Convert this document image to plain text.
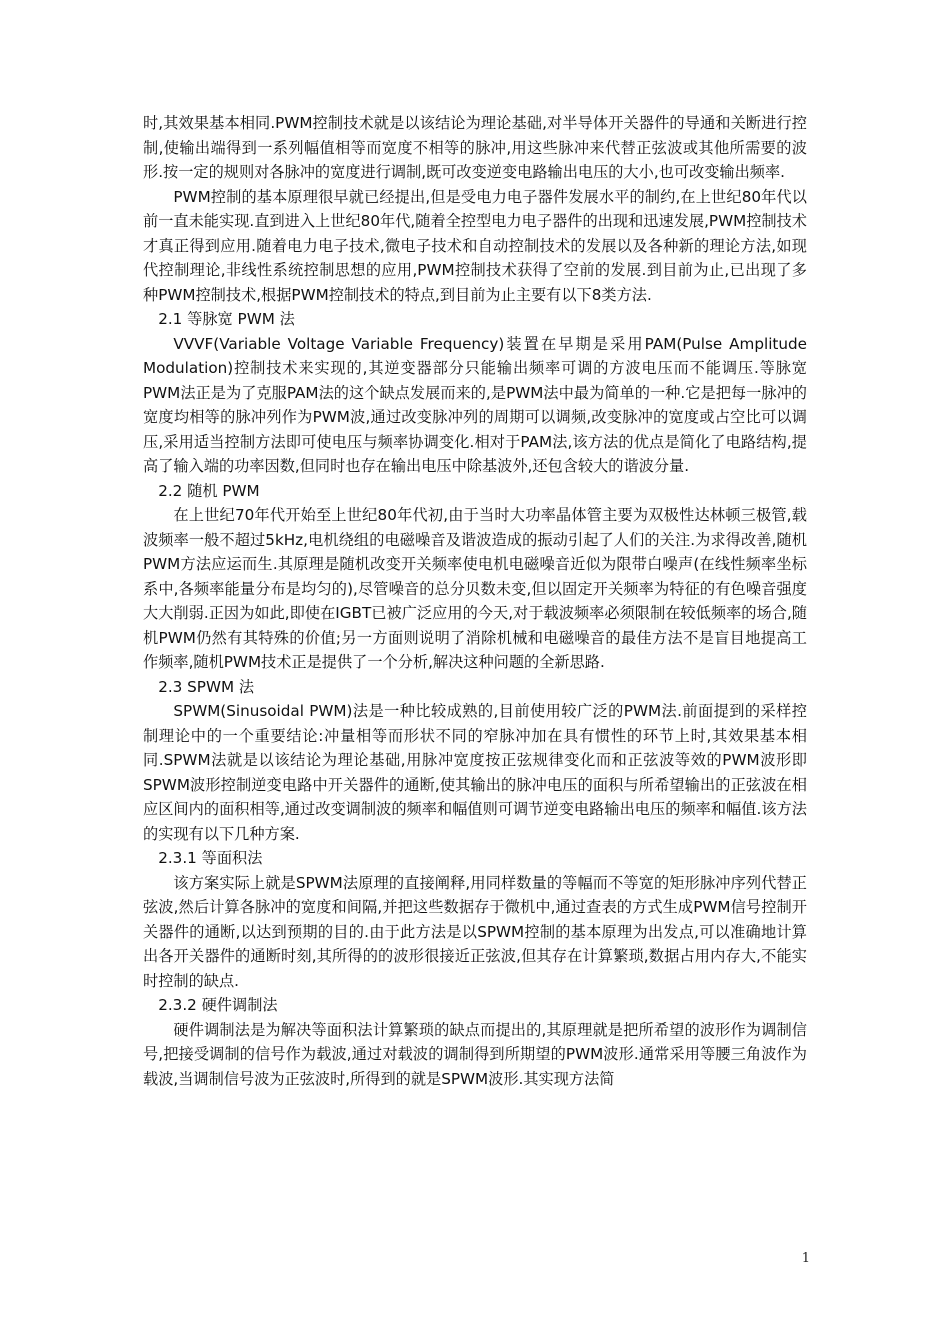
时,其效果基本相同.PWM控制技术就是以该结论为理论基础,对半导体开关器件的导通和关断进行控制,使输出端得到一系列幅值相等而宽度不相等的脉冲,用这些脉冲来代替正弦波或其他所需要的波形.按一定的规则对各脉冲的宽度进行调制,既可改变逆变电路输出电压的大小,也可改变输出频率.

PWM控制的基本原理很早就已经提出,但是受电力电子器件发展水平的制约,在上世纪80年代以前一直未能实现.直到进入上世纪80年代,随着全控型电力电子器件的出现和迅速发展,PWM控制技术才真正得到应用.随着电力电子技术,微电子技术和自动控制技术的发展以及各种新的理论方法,如现代控制理论,非线性系统控制思想的应用,PWM控制技术获得了空前的发展.到目前为止,已出现了多种PWM控制技术,根据PWM控制技术的特点,到目前为止主要有以下8类方法.

2.1 等脉宽 PWM 法

VVVF(Variable Voltage Variable Frequency)装置在早期是采用PAM(Pulse Amplitude Modulation)控制技术来实现的,其逆变器部分只能输出频率可调的方波电压而不能调压.等脉宽PWM法正是为了克服PAM法的这个缺点发展而来的,是PWM法中最为简单的一种.它是把每一脉冲的宽度均相等的脉冲列作为PWM波,通过改变脉冲列的周期可以调频,改变脉冲的宽度或占空比可以调压,采用适当控制方法即可使电压与频率协调变化.相对于PAM法,该方法的优点是简化了电路结构,提高了输入端的功率因数,但同时也存在输出电压中除基波外,还包含较大的谐波分量.

2.2 随机 PWM

在上世纪70年代开始至上世纪80年代初,由于当时大功率晶体管主要为双极性达林顿三极管,载波频率一般不超过5kHz,电机绕组的电磁噪音及谐波造成的振动引起了人们的关注.为求得改善,随机PWM方法应运而生.其原理是随机改变开关频率使电机电磁噪音近似为限带白噪声(在线性频率坐标系中,各频率能量分布是均匀的),尽管噪音的总分贝数未变,但以固定开关频率为特征的有色噪音强度大大削弱.正因为如此,即使在IGBT已被广泛应用的今天,对于载波频率必须限制在较低频率的场合,随机PWM仍然有其特殊的价值;另一方面则说明了消除机械和电磁噪音的最佳方法不是盲目地提高工作频率,随机PWM技术正是提供了一个分析,解决这种问题的全新思路.

2.3 SPWM 法

SPWM(Sinusoidal PWM)法是一种比较成熟的,目前使用较广泛的PWM法.前面提到的采样控制理论中的一个重要结论:冲量相等而形状不同的窄脉冲加在具有惯性的环节上时,其效果基本相同.SPWM法就是以该结论为理论基础,用脉冲宽度按正弦规律变化而和正弦波等效的PWM波形即SPWM波形控制逆变电路中开关器件的通断,使其输出的脉冲电压的面积与所希望输出的正弦波在相应区间内的面积相等,通过改变调制波的频率和幅值则可调节逆变电路输出电压的频率和幅值.该方法的实现有以下几种方案.

2.3.1 等面积法

该方案实际上就是SPWM法原理的直接阐释,用同样数量的等幅而不等宽的矩形脉冲序列代替正弦波,然后计算各脉冲的宽度和间隔,并把这些数据存于微机中,通过查表的方式生成PWM信号控制开关器件的通断,以达到预期的目的.由于此方法是以SPWM控制的基本原理为出发点,可以准确地计算出各开关器件的通断时刻,其所得的的波形很接近正弦波,但其存在计算繁琐,数据占用内存大,不能实时控制的缺点.

2.3.2 硬件调制法

硬件调制法是为解决等面积法计算繁琐的缺点而提出的,其原理就是把所希望的波形作为调制信号,把接受调制的信号作为载波,通过对载波的调制得到所期望的PWM波形.通常采用等腰三角波作为载波,当调制信号波为正弦波时,所得到的就是SPWM波形.其实现方法简

1
